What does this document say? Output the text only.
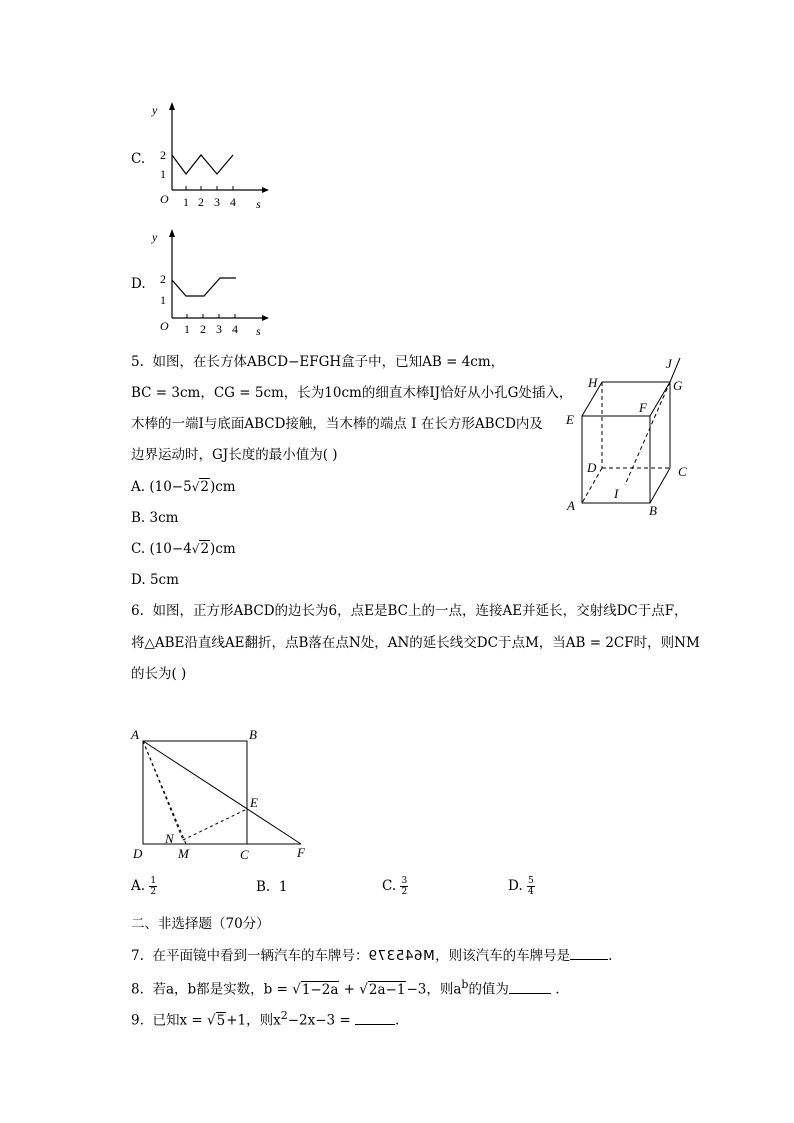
C.
y
2
1
O 1 2 3 4 s
D.
y
2
1
O 1 2 3 4 s
5. 如图，在长方体ABCD−EFGH盒子中，已知AB = 4cm，
BC = 3cm，CG = 5cm，长为10cm的细直木棒IJ恰好从小孔G处插入，
木棒的一端I与底面ABCD接触，当木棒的端点 I 在长方形ABCD内及
边界运动时，GJ长度的最小值为( )
A. (10−5√2)cm
B. 3cm
C. (10−4√2)cm
D. 5cm
J
H	G
E
F
D	C
I
A	B
6. 如图，正方形ABCD的边长为6，点E是BC上的一点，连接AE并延长，交射线DC于点F，
将△ABE沿直线AE翻折，点B落在点N处，AN的延长线交DC于点M，当AB = 2CF时，则NM
的长为( )
A	B
E
N
D	M	C	F
A. $\frac{1}{2}$	B. 1	C. $\frac{3}{2}$	D. $\frac{5}{4}$
二、非选择题（70分）
7. 在平面镜中看到一辆汽车的车牌号：M645379，则该汽车的车牌号是	.
8. 若a，b都是实数，b = √1−2a + √2a−1−3，则$a^b$的值为	.
9. 已知x = √5+1，则$x^2-2x-3$ =	.
